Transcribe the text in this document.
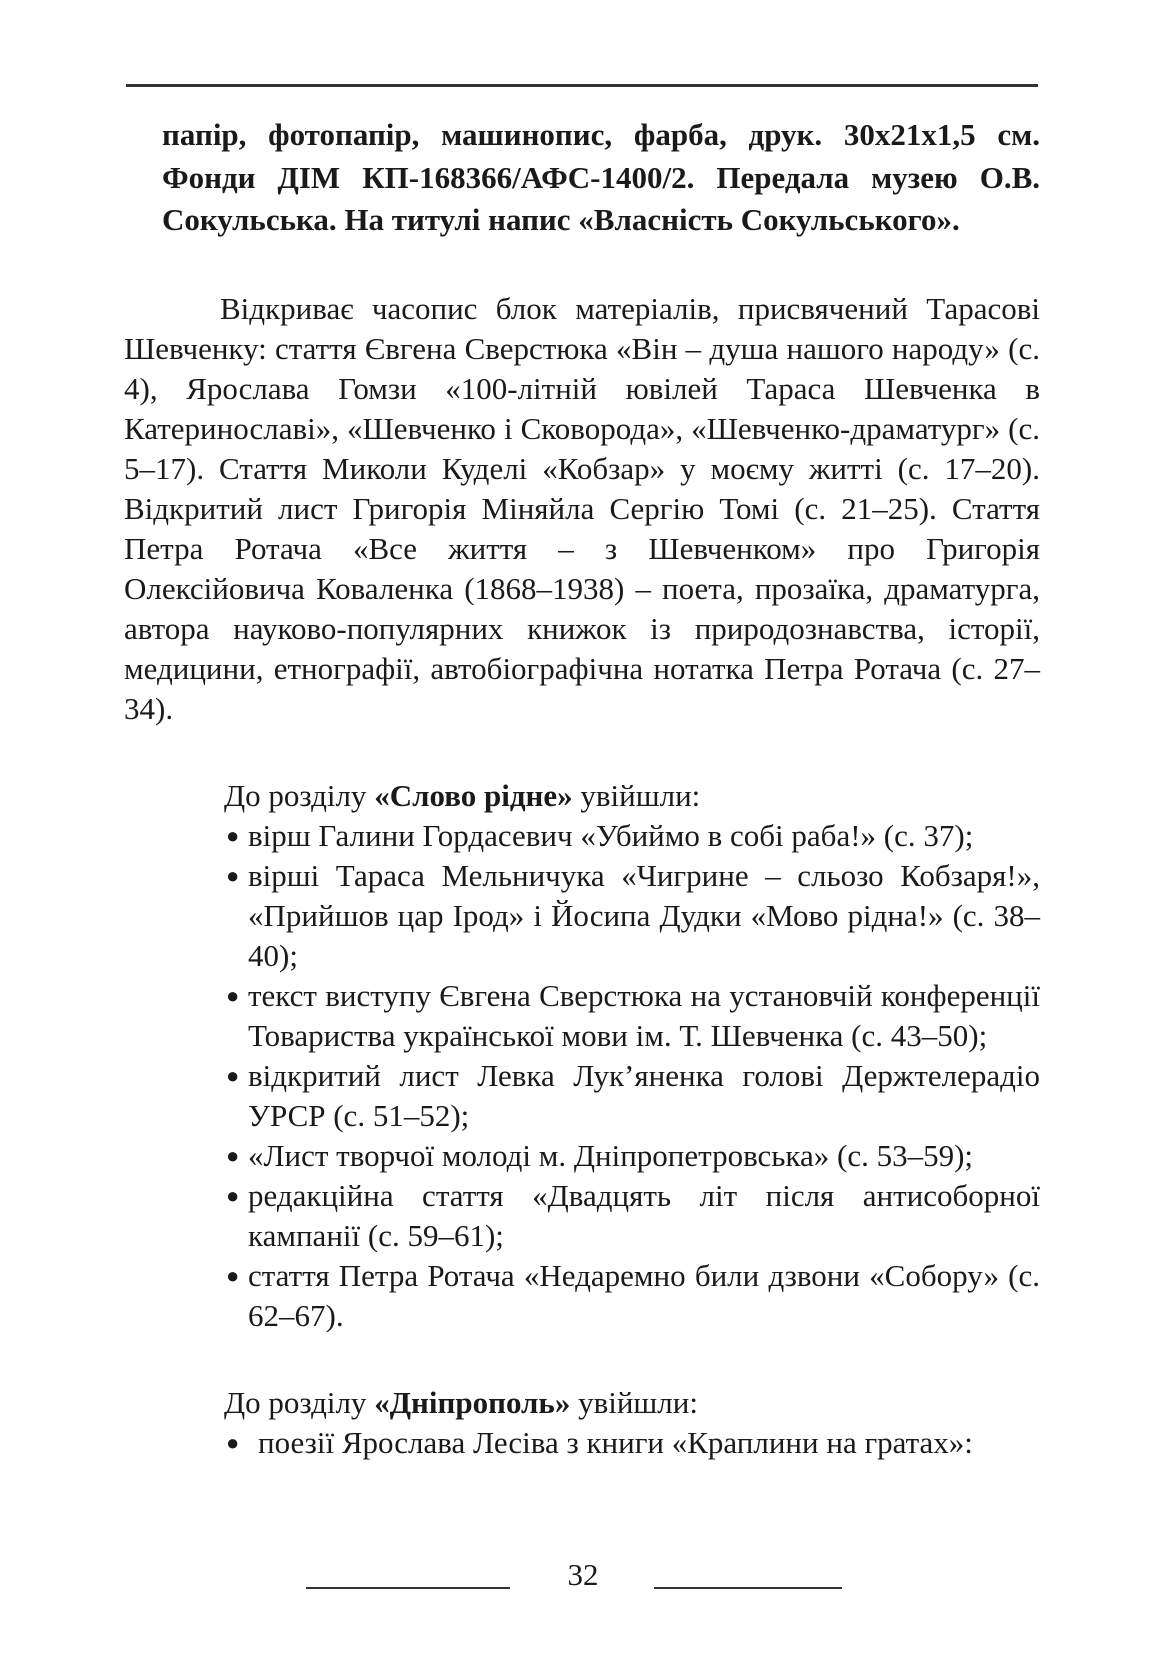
папір, фотопапір, машинопис, фарба, друк. 30х21х1,5 см. Фонди ДІМ КП-168366/АФС-1400/2. Передала музею О.В. Сокульська. На титулі напис «Власність Сокульського».

Відкриває часопис блок матеріалів, присвячений Тарасові Шевченку: стаття Євгена Сверстюка «Він – душа нашого народу» (с. 4), Ярослава Гомзи «100-літній ювілей Тараса Шевченка в Катеринославі», «Шевченко і Сковорода», «Шевченко-драматург» (с. 5–17). Стаття Миколи Куделі «Кобзар» у моєму житті (с. 17–20). Відкритий лист Григорія Міняйла Сергію Томі (с. 21–25). Стаття Петра Ротача «Все життя – з Шевченком» про Григорія Олексійовича Коваленка (1868–1938) – поета, прозаїка, драматурга, автора науково-популярних книжок із природознавства, історії, медицини, етнографії, автобіографічна нотатка Петра Ротача (с. 27–34).

До розділу «Слово рідне» увійшли:

● вірш Галини Гордасевич «Убиймо в собі раба!» (с. 37);
● вірші Тараса Мельничука «Чигрине – сльозо Кобзаря!», «Прийшов цар Ірод» і Йосипа Дудки «Мово рідна!» (с. 38–40);
● текст виступу Євгена Сверстюка на установчій конференції Товариства української мови ім. Т. Шевченка (с. 43–50);
● відкритий лист Левка Лук’яненка голові Держтелерадіо УРСР (с. 51–52);
● «Лист творчої молоді м. Дніпропетровська» (с. 53–59);
● редакційна стаття «Двадцять літ після антисоборної кампанії (с. 59–61);
● стаття Петра Ротача «Недаремно били дзвони «Собору» (с. 62–67).

До розділу «Дніпрополь» увійшли:

● поезії Ярослава Лесіва з книги «Краплини на гратах»:
32
